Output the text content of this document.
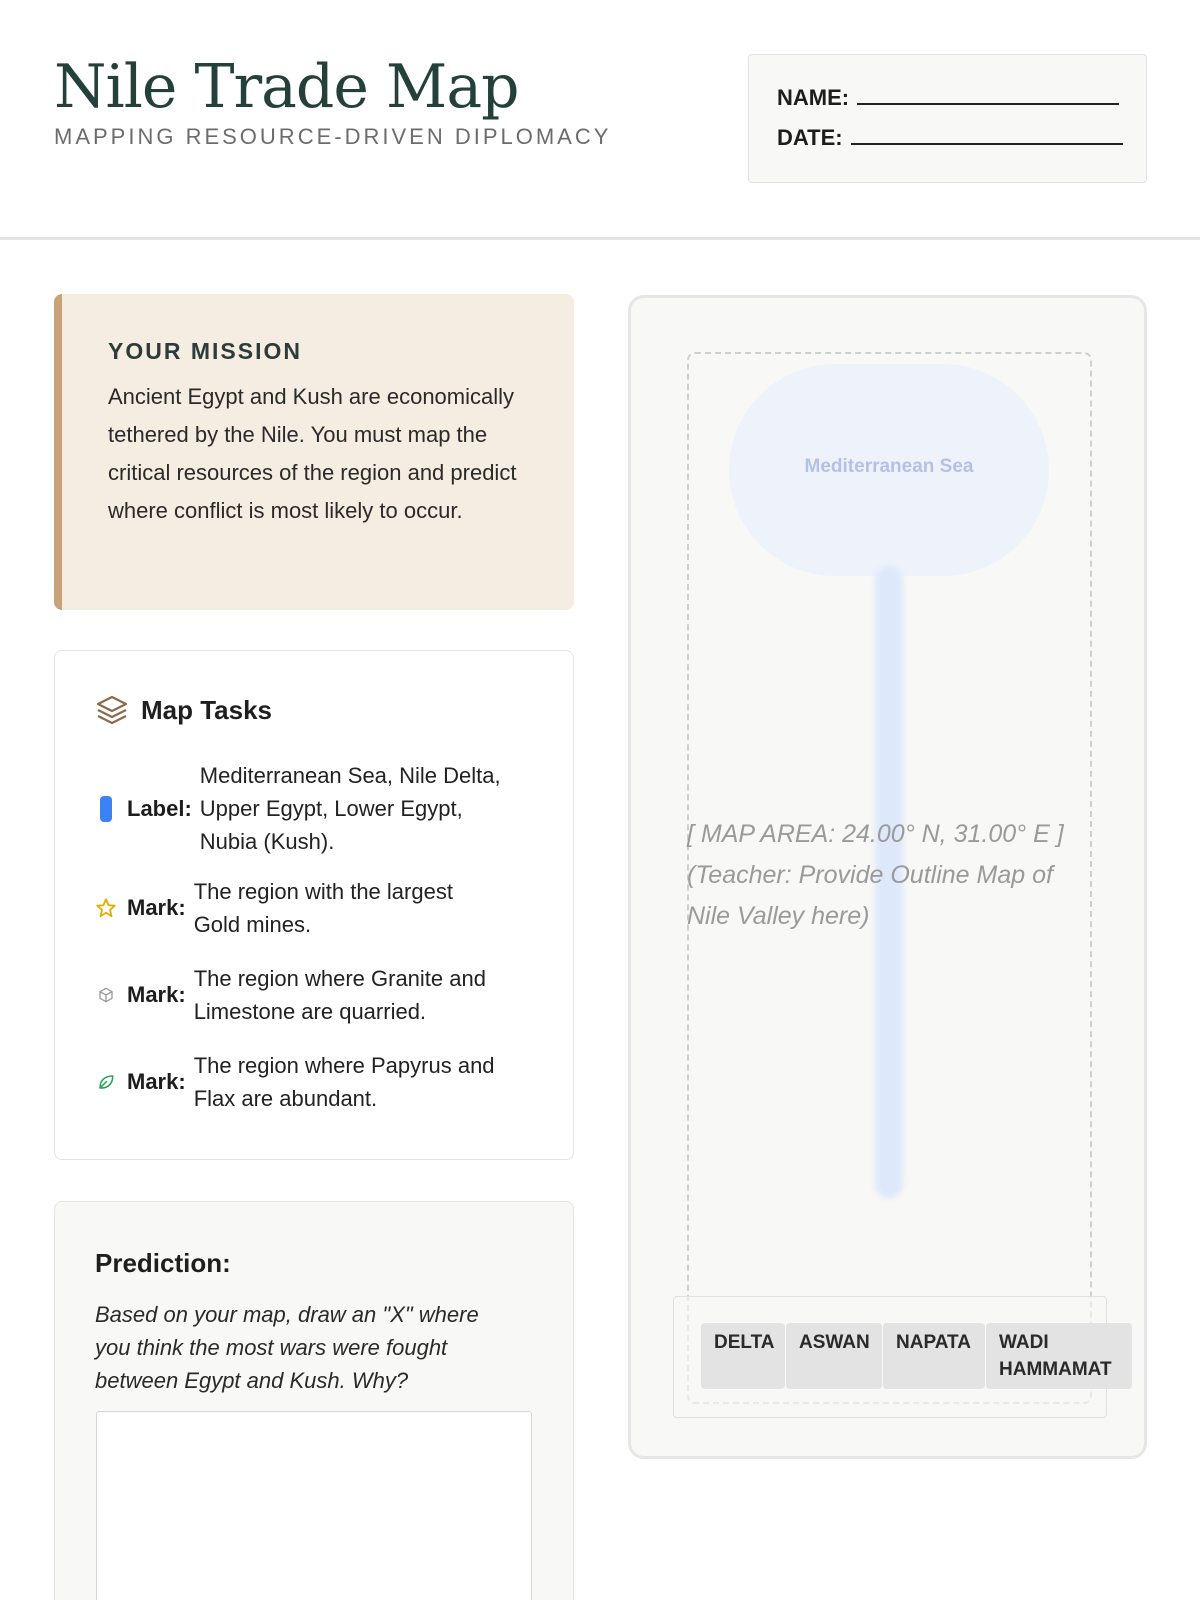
Nile Trade Map
MAPPING RESOURCE-DRIVEN DIPLOMACY
NAME:
DATE:
YOUR MISSION

Ancient Egypt and Kush are economically tethered by the Nile. You must map the critical resources of the region and predict where conflict is most likely to occur.

Map Tasks
Label:
Mediterranean Sea, Nile Delta, Upper Egypt, Lower Egypt, Nubia (Kush).
Mark:
The region with the largest Gold mines.
Mark:
The region where Granite and Limestone are quarried.
Mark:
The region where Papyrus and Flax are abundant.
Prediction:

Based on your map, draw an "X" where you think the most wars were fought between Egypt and Kush. Why?

Mediterranean Sea
[ MAP AREA: 24.00° N, 31.00° E ]
(Teacher: Provide Outline Map of Nile Valley here)
DELTA	ASWAN	NAPATA	WADI HAMMAMAT
